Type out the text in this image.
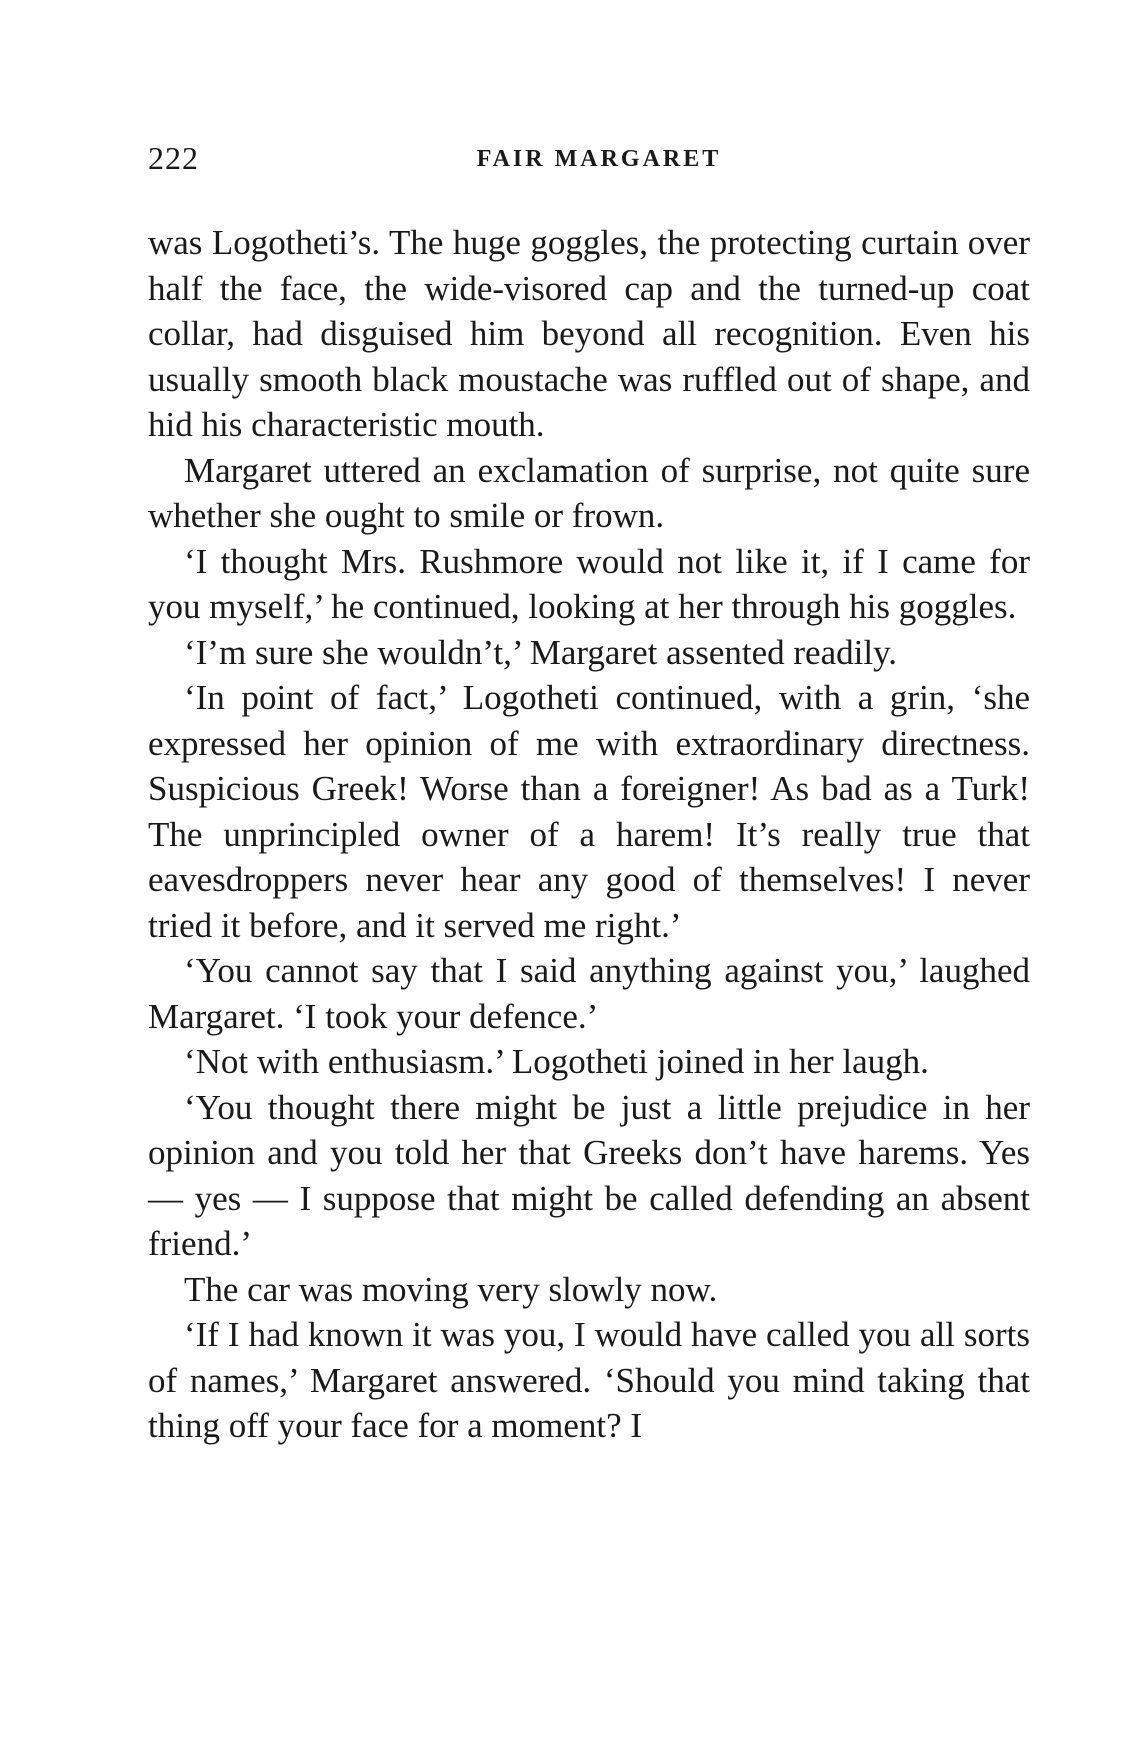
222	FAIR MARGARET

was Logotheti’s. The huge goggles, the protecting curtain over half the face, the wide-visored cap and the turned-up coat collar, had disguised him beyond all recognition. Even his usually smooth black moustache was ruffled out of shape, and hid his characteristic mouth.

Margaret uttered an exclamation of surprise, not quite sure whether she ought to smile or frown.

‘I thought Mrs. Rushmore would not like it, if I came for you myself,’ he continued, looking at her through his goggles.

‘I’m sure she wouldn’t,’ Margaret assented readily.

‘In point of fact,’ Logotheti continued, with a grin, ‘she expressed her opinion of me with extraordinary directness. Suspicious Greek! Worse than a foreigner! As bad as a Turk! The unprincipled owner of a harem! It’s really true that eavesdroppers never hear any good of themselves! I never tried it before, and it served me right.’

‘You cannot say that I said anything against you,’ laughed Margaret. ‘I took your defence.’

‘Not with enthusiasm.’ Logotheti joined in her laugh.

‘You thought there might be just a little prejudice in her opinion and you told her that Greeks don’t have harems. Yes — yes — I suppose that might be called defending an absent friend.’

The car was moving very slowly now.

‘If I had known it was you, I would have called you all sorts of names,’ Margaret answered. ‘Should you mind taking that thing off your face for a moment? I
